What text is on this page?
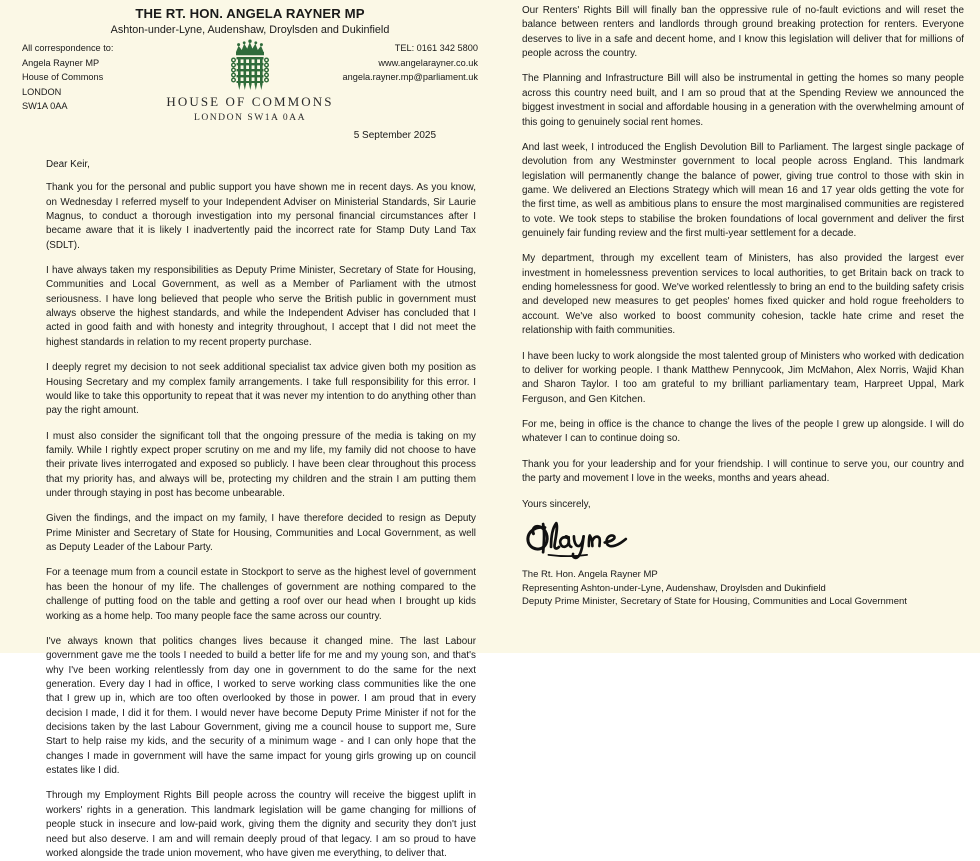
THE RT. HON. ANGELA RAYNER MP
Ashton-under-Lyne, Audenshaw, Droylsden and Dukinfield
All correspondence to:
Angela Rayner MP
House of Commons
LONDON
SW1A 0AA
TEL: 0161 342 5800
www.angelarayner.co.uk
angela.rayner.mp@parliament.uk
HOUSE OF COMMONS
LONDON SW1A 0AA
5 September 2025
Dear Keir,

Thank you for the personal and public support you have shown me in recent days. As you know, on Wednesday I referred myself to your Independent Adviser on Ministerial Standards, Sir Laurie Magnus, to conduct a thorough investigation into my personal financial circumstances after I became aware that it is likely I inadvertently paid the incorrect rate for Stamp Duty Land Tax (SDLT).

I have always taken my responsibilities as Deputy Prime Minister, Secretary of State for Housing, Communities and Local Government, as well as a Member of Parliament with the utmost seriousness. I have long believed that people who serve the British public in government must always observe the highest standards, and while the Independent Adviser has concluded that I acted in good faith and with honesty and integrity throughout, I accept that I did not meet the highest standards in relation to my recent property purchase.

I deeply regret my decision to not seek additional specialist tax advice given both my position as Housing Secretary and my complex family arrangements. I take full responsibility for this error. I would like to take this opportunity to repeat that it was never my intention to do anything other than pay the right amount.

I must also consider the significant toll that the ongoing pressure of the media is taking on my family. While I rightly expect proper scrutiny on me and my life, my family did not choose to have their private lives interrogated and exposed so publicly. I have been clear throughout this process that my priority has, and always will be, protecting my children and the strain I am putting them under through staying in post has become unbearable.

Given the findings, and the impact on my family, I have therefore decided to resign as Deputy Prime Minister and Secretary of State for Housing, Communities and Local Government, as well as Deputy Leader of the Labour Party.

For a teenage mum from a council estate in Stockport to serve as the highest level of government has been the honour of my life. The challenges of government are nothing compared to the challenge of putting food on the table and getting a roof over our head when I brought up kids working as a home help. Too many people face the same across our country.

I've always known that politics changes lives because it changed mine. The last Labour government gave me the tools I needed to build a better life for me and my young son, and that's why I've been working relentlessly from day one in government to do the same for the next generation. Every day I had in office, I worked to serve working class communities like the one that I grew up in, which are too often overlooked by those in power. I am proud that in every decision I made, I did it for them. I would never have become Deputy Prime Minister if not for the decisions taken by the last Labour Government, giving me a council house to support me, Sure Start to help raise my kids, and the security of a minimum wage - and I can only hope that the changes I made in government will have the same impact for young girls growing up on council estates like I did.

Through my Employment Rights Bill people across the country will receive the biggest uplift in workers' rights in a generation. This landmark legislation will be game changing for millions of people stuck in insecure and low-paid work, giving them the dignity and security they don't just need but also deserve. I am and will remain deeply proud of that legacy. I am so proud to have worked alongside the trade union movement, who have given me everything, to deliver that.

Our Renters' Rights Bill will finally ban the oppressive rule of no-fault evictions and will reset the balance between renters and landlords through ground breaking protection for renters. Everyone deserves to live in a safe and decent home, and I know this legislation will deliver that for millions of people across the country.

The Planning and Infrastructure Bill will also be instrumental in getting the homes so many people across this country need built, and I am so proud that at the Spending Review we announced the biggest investment in social and affordable housing in a generation with the overwhelming amount of this going to genuinely social rent homes.

And last week, I introduced the English Devolution Bill to Parliament. The largest single package of devolution from any Westminster government to local people across England. This landmark legislation will permanently change the balance of power, giving true control to those with skin in game. We delivered an Elections Strategy which will mean 16 and 17 year olds getting the vote for the first time, as well as ambitious plans to ensure the most marginalised communities are registered to vote. We took steps to stabilise the broken foundations of local government and deliver the first genuinely fair funding review and the first multi-year settlement for a decade.

My department, through my excellent team of Ministers, has also provided the largest ever investment in homelessness prevention services to local authorities, to get Britain back on track to ending homelessness for good. We've worked relentlessly to bring an end to the building safety crisis and developed new measures to get peoples' homes fixed quicker and hold rogue freeholders to account. We've also worked to boost community cohesion, tackle hate crime and reset the relationship with faith communities.

I have been lucky to work alongside the most talented group of Ministers who worked with dedication to deliver for working people. I thank Matthew Pennycook, Jim McMahon, Alex Norris, Wajid Khan and Sharon Taylor. I too am grateful to my brilliant parliamentary team, Harpreet Uppal, Mark Ferguson, and Gen Kitchen.

For me, being in office is the chance to change the lives of the people I grew up alongside. I will do whatever I can to continue doing so.

Thank you for your leadership and for your friendship. I will continue to serve you, our country and the party and movement I love in the weeks, months and years ahead.

Yours sincerely,

The Rt. Hon. Angela Rayner MP

Representing Ashton-under-Lyne, Audenshaw, Droylsden and Dukinfield

Deputy Prime Minister, Secretary of State for Housing, Communities and Local Government
